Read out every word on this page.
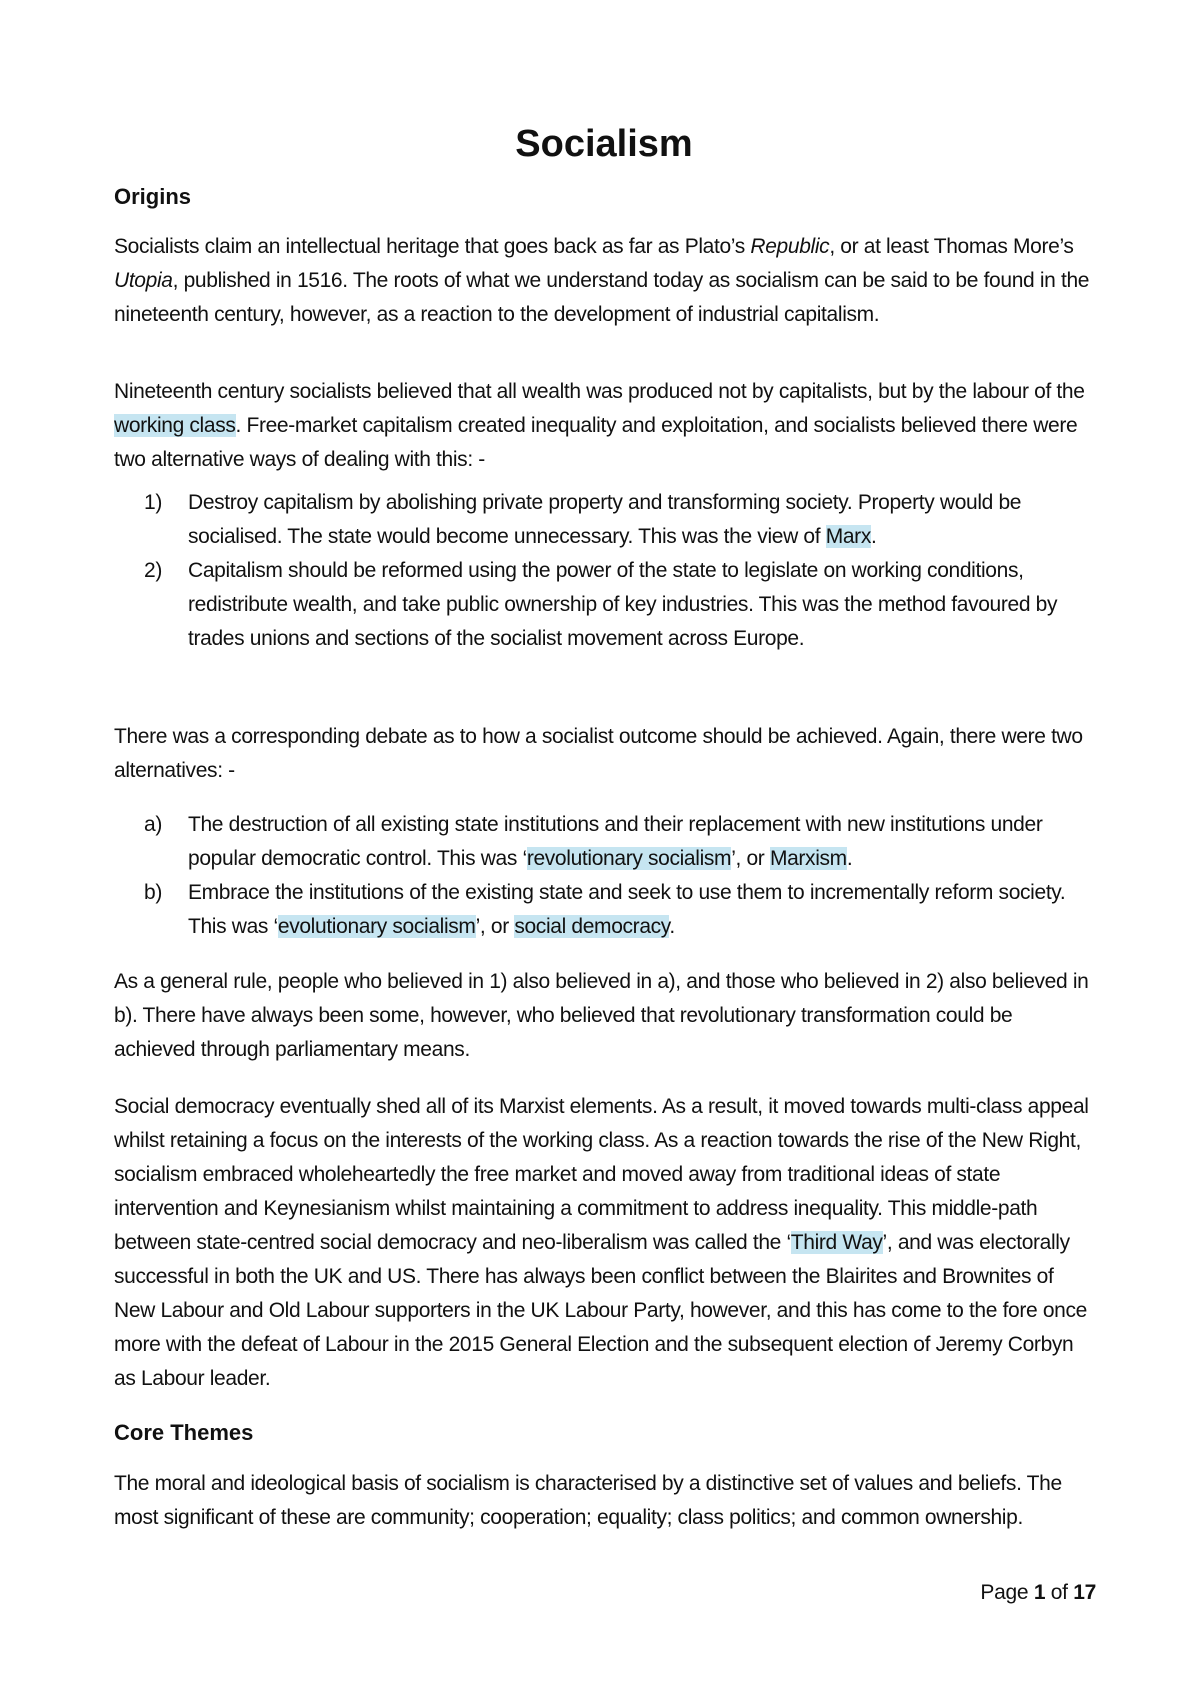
Socialism
Origins

Socialists claim an intellectual heritage that goes back as far as Plato’s Republic, or at least Thomas More’s Utopia, published in 1516. The roots of what we understand today as socialism can be said to be found in the nineteenth century, however, as a reaction to the development of industrial capitalism.

Nineteenth century socialists believed that all wealth was produced not by capitalists, but by the labour of the working class. Free-market capitalism created inequality and exploitation, and socialists believed there were two alternative ways of dealing with this: -

1) Destroy capitalism by abolishing private property and transforming society. Property would be socialised. The state would become unnecessary. This was the view of Marx.
2) Capitalism should be reformed using the power of the state to legislate on working conditions, redistribute wealth, and take public ownership of key industries. This was the method favoured by trades unions and sections of the socialist movement across Europe.

There was a corresponding debate as to how a socialist outcome should be achieved. Again, there were two alternatives: -

a) The destruction of all existing state institutions and their replacement with new institutions under popular democratic control. This was ‘revolutionary socialism’, or Marxism.
b) Embrace the institutions of the existing state and seek to use them to incrementally reform society. This was ‘evolutionary socialism’, or social democracy.

As a general rule, people who believed in 1) also believed in a), and those who believed in 2) also believed in b). There have always been some, however, who believed that revolutionary transformation could be achieved through parliamentary means.

Social democracy eventually shed all of its Marxist elements. As a result, it moved towards multi-class appeal whilst retaining a focus on the interests of the working class. As a reaction towards the rise of the New Right, socialism embraced wholeheartedly the free market and moved away from traditional ideas of state intervention and Keynesianism whilst maintaining a commitment to address inequality. This middle-path between state-centred social democracy and neo-liberalism was called the ‘Third Way’, and was electorally successful in both the UK and US. There has always been conflict between the Blairites and Brownites of New Labour and Old Labour supporters in the UK Labour Party, however, and this has come to the fore once more with the defeat of Labour in the 2015 General Election and the subsequent election of Jeremy Corbyn as Labour leader.

Core Themes

The moral and ideological basis of socialism is characterised by a distinctive set of values and beliefs. The most significant of these are community; cooperation; equality; class politics; and common ownership.

Page 1 of 17
